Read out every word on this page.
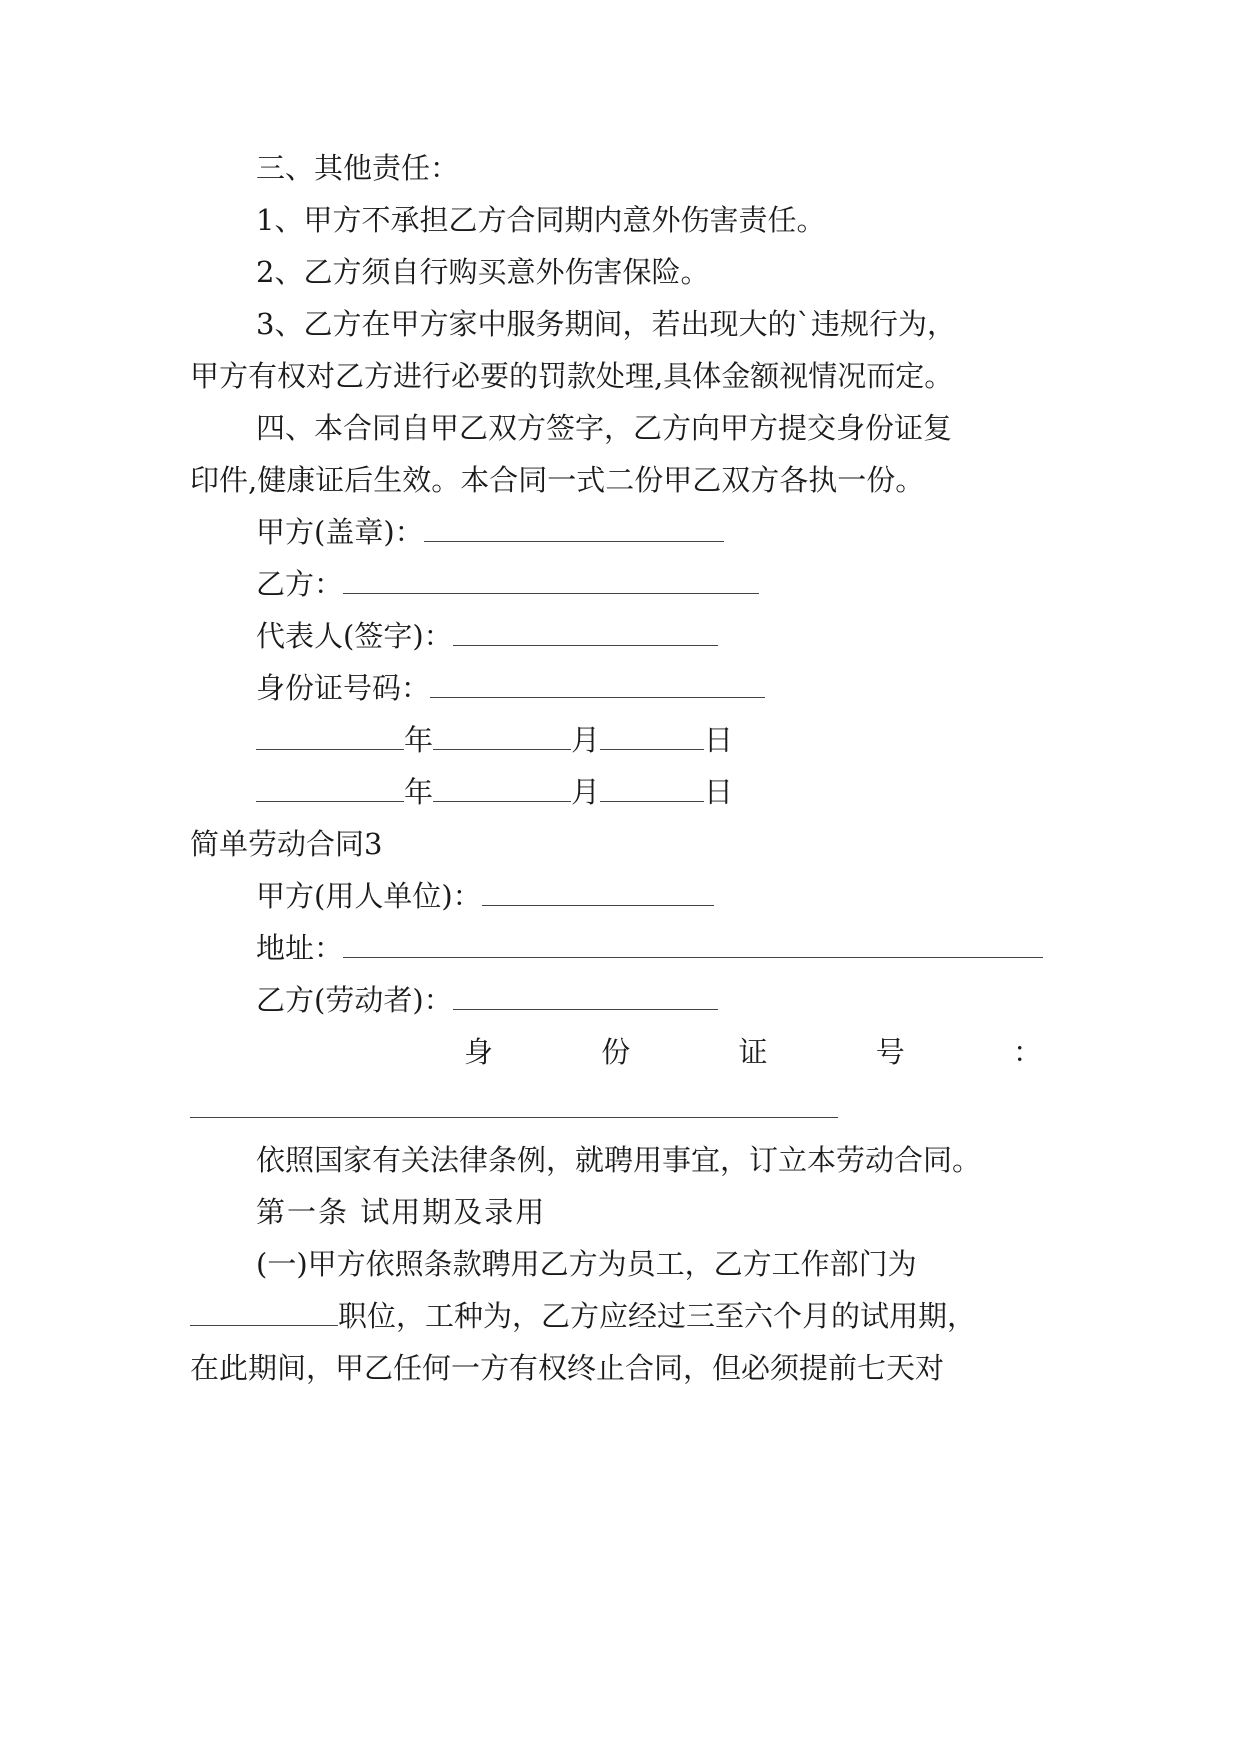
三、其他责任：
1、甲方不承担乙方合同期内意外伤害责任。
2、乙方须自行购买意外伤害保险。
3、乙方在甲方家中服务期间，若出现大的`违规行为，
甲方有权对乙方进行必要的罚款处理,具体金额视情况而定。
四、本合同自甲乙双方签字，乙方向甲方提交身份证复
印件,健康证后生效。本合同一式二份甲乙双方各执一份。
甲方(盖章)：
乙方：
代表人(签字)：
身份证号码：
年	月	日
年	月	日
简单劳动合同3
甲方(用人单位)：
地址：
乙方(劳动者)：
身	份	证	号	：
依照国家有关法律条例，就聘用事宜，订立本劳动合同。
第一条 试用期及录用
(一)甲方依照条款聘用乙方为员工，乙方工作部门为
职位，工种为，乙方应经过三至六个月的试用期，
在此期间，甲乙任何一方有权终止合同，但必须提前七天对
